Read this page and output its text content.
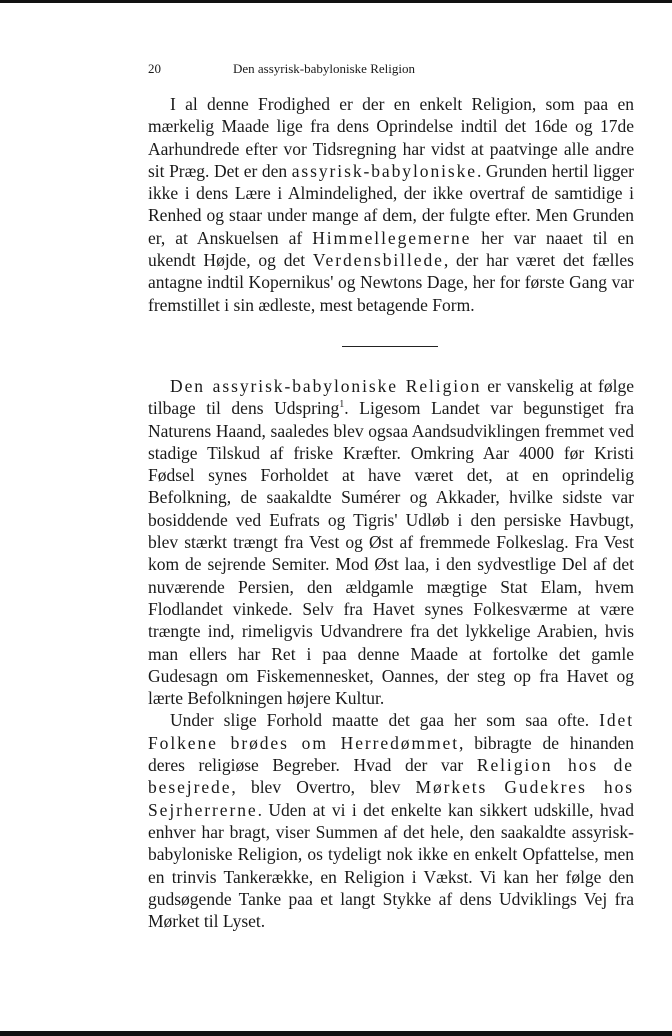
20	Den assyrisk-babyloniske Religion

I al denne Frodighed er der en enkelt Religion, som paa en mærkelig Maade lige fra dens Oprindelse indtil det 16de og 17de Aarhundrede efter vor Tidsregning har vidst at paatvinge alle andre sit Præg. Det er den assyrisk-babyloniske. Grunden hertil ligger ikke i dens Lære i Almindelighed, der ikke overtraf de samtidige i Renhed og staar under mange af dem, der fulgte efter. Men Grunden er, at Anskuelsen af Himmellegemerne her var naaet til en ukendt Højde, og det Verdensbillede, der har været det fælles antagne indtil Kopernikus' og Newtons Dage, her for første Gang var fremstillet i sin ædleste, mest betagende Form.

Den assyrisk-babyloniske Religion er vanskelig at følge tilbage til dens Udspring$^1$. Ligesom Landet var begunstiget fra Naturens Haand, saaledes blev ogsaa Aandsudviklingen fremmet ved stadige Tilskud af friske Kræfter. Omkring Aar 4000 før Kristi Fødsel synes Forholdet at have været det, at en oprindelig Befolkning, de saakaldte Sumérer og Akkader, hvilke sidste var bosiddende ved Eufrats og Tigris' Udløb i den persiske Havbugt, blev stærkt trængt fra Vest og Øst af fremmede Folkeslag. Fra Vest kom de sejrende Semiter. Mod Øst laa, i den sydvestlige Del af det nuværende Persien, den ældgamle mægtige Stat Elam, hvem Flodlandet vinkede. Selv fra Havet synes Folkesværme at være trængte ind, rimeligvis Udvandrere fra det lykkelige Arabien, hvis man ellers har Ret i paa denne Maade at fortolke det gamle Gudesagn om Fiskemennesket, Oannes, der steg op fra Havet og lærte Befolkningen højere Kultur.

Under slige Forhold maatte det gaa her som saa ofte. Idet Folkene brødes om Herredømmet, bibragte de hinanden deres religiøse Begreber. Hvad der var Religion hos de besejrede, blev Overtro, blev Mørkets Gudekres hos Sejrherrerne. Uden at vi i det enkelte kan sikkert udskille, hvad enhver har bragt, viser Summen af det hele, den saakaldte assyrisk-babyloniske Religion, os tydeligt nok ikke en enkelt Opfattelse, men en trinvis Tankerække, en Religion i Vækst. Vi kan her følge den gudsøgende Tanke paa et langt Stykke af dens Udviklings Vej fra Mørket til Lyset.
